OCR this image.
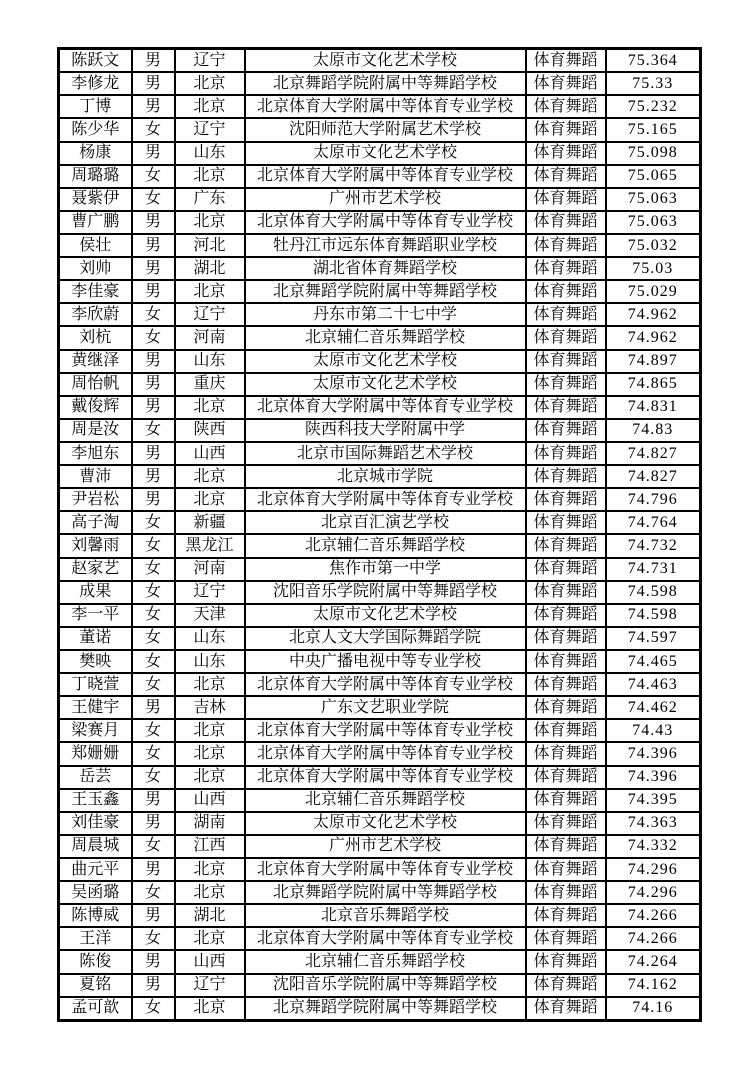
陈跃文	男	辽宁	太原市文化艺术学校	体育舞蹈	75.364
李修龙	男	北京	北京舞蹈学院附属中等舞蹈学校	体育舞蹈	75.33
丁博	男	北京	北京体育大学附属中等体育专业学校	体育舞蹈	75.232
陈少华	女	辽宁	沈阳师范大学附属艺术学校	体育舞蹈	75.165
杨康	男	山东	太原市文化艺术学校	体育舞蹈	75.098
周璐璐	女	北京	北京体育大学附属中等体育专业学校	体育舞蹈	75.065
聂紫伊	女	广东	广州市艺术学校	体育舞蹈	75.063
曹广鹏	男	北京	北京体育大学附属中等体育专业学校	体育舞蹈	75.063
侯壮	男	河北	牡丹江市远东体育舞蹈职业学校	体育舞蹈	75.032
刘帅	男	湖北	湖北省体育舞蹈学校	体育舞蹈	75.03
李佳豪	男	北京	北京舞蹈学院附属中等舞蹈学校	体育舞蹈	75.029
李欣蔚	女	辽宁	丹东市第二十七中学	体育舞蹈	74.962
刘杭	女	河南	北京辅仁音乐舞蹈学校	体育舞蹈	74.962
黄继泽	男	山东	太原市文化艺术学校	体育舞蹈	74.897
周怡帆	男	重庆	太原市文化艺术学校	体育舞蹈	74.865
戴俊辉	男	北京	北京体育大学附属中等体育专业学校	体育舞蹈	74.831
周是汝	女	陕西	陕西科技大学附属中学	体育舞蹈	74.83
李旭东	男	山西	北京市国际舞蹈艺术学校	体育舞蹈	74.827
曹沛	男	北京	北京城市学院	体育舞蹈	74.827
尹岩松	男	北京	北京体育大学附属中等体育专业学校	体育舞蹈	74.796
高子淘	女	新疆	北京百汇演艺学校	体育舞蹈	74.764
刘馨雨	女	黑龙江	北京辅仁音乐舞蹈学校	体育舞蹈	74.732
赵家艺	女	河南	焦作市第一中学	体育舞蹈	74.731
成果	女	辽宁	沈阳音乐学院附属中等舞蹈学校	体育舞蹈	74.598
李一平	女	天津	太原市文化艺术学校	体育舞蹈	74.598
董诺	女	山东	北京人文大学国际舞蹈学院	体育舞蹈	74.597
樊映	女	山东	中央广播电视中等专业学校	体育舞蹈	74.465
丁晓萱	女	北京	北京体育大学附属中等体育专业学校	体育舞蹈	74.463
王健宇	男	吉林	广东文艺职业学院	体育舞蹈	74.462
梁赛月	女	北京	北京体育大学附属中等体育专业学校	体育舞蹈	74.43
郑姗姗	女	北京	北京体育大学附属中等体育专业学校	体育舞蹈	74.396
岳芸	女	北京	北京体育大学附属中等体育专业学校	体育舞蹈	74.396
王玉鑫	男	山西	北京辅仁音乐舞蹈学校	体育舞蹈	74.395
刘佳豪	男	湖南	太原市文化艺术学校	体育舞蹈	74.363
周晨城	女	江西	广州市艺术学校	体育舞蹈	74.332
曲元平	男	北京	北京体育大学附属中等体育专业学校	体育舞蹈	74.296
吴函璐	女	北京	北京舞蹈学院附属中等舞蹈学校	体育舞蹈	74.296
陈博威	男	湖北	北京音乐舞蹈学校	体育舞蹈	74.266
王洋	女	北京	北京体育大学附属中等体育专业学校	体育舞蹈	74.266
陈俊	男	山西	北京辅仁音乐舞蹈学校	体育舞蹈	74.264
夏铭	男	辽宁	沈阳音乐学院附属中等舞蹈学校	体育舞蹈	74.162
孟可歆	女	北京	北京舞蹈学院附属中等舞蹈学校	体育舞蹈	74.16
